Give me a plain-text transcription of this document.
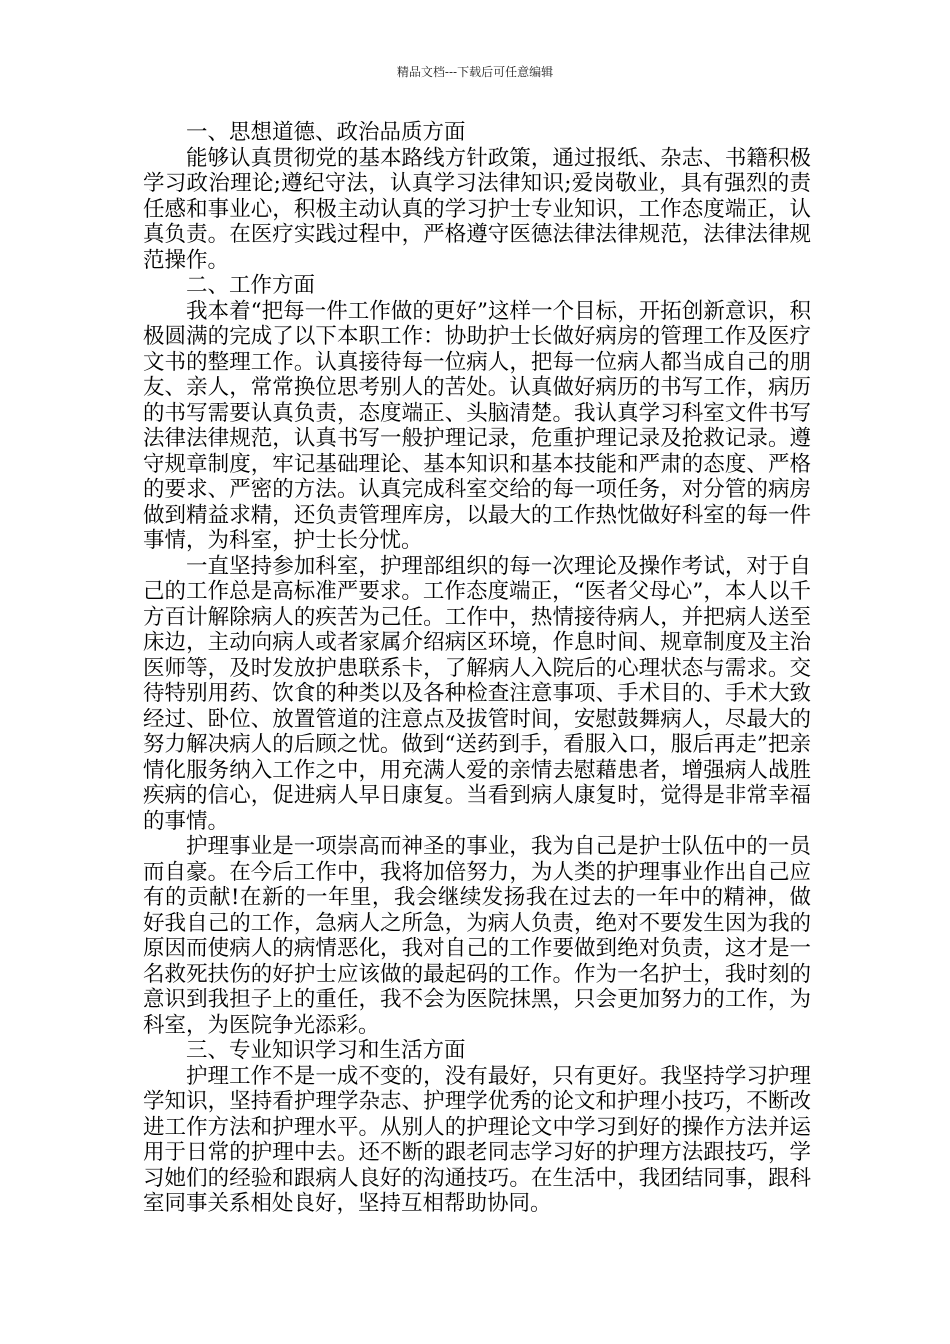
精品文档---下载后可任意编辑

一、思想道德、政治品质方面

能够认真贯彻党的基本路线方针政策，通过报纸、杂志、书籍积极学习政治理论;遵纪守法，认真学习法律知识;爱岗敬业，具有强烈的责任感和事业心，积极主动认真的学习护士专业知识，工作态度端正，认真负责。在医疗实践过程中，严格遵守医德法律法律规范，法律法律规范操作。

二、工作方面

我本着“把每一件工作做的更好”这样一个目标，开拓创新意识，积极圆满的完成了以下本职工作：协助护士长做好病房的管理工作及医疗文书的整理工作。认真接待每一位病人，把每一位病人都当成自己的朋友、亲人，常常换位思考别人的苦处。认真做好病历的书写工作，病历的书写需要认真负责，态度端正、头脑清楚。我认真学习科室文件书写法律法律规范，认真书写一般护理记录，危重护理记录及抢救记录。遵守规章制度，牢记基础理论、基本知识和基本技能和严肃的态度、严格的要求、严密的方法。认真完成科室交给的每一项任务，对分管的病房做到精益求精，还负责管理库房，以最大的工作热忱做好科室的每一件事情，为科室，护士长分忧。

一直坚持参加科室，护理部组织的每一次理论及操作考试，对于自己的工作总是高标准严要求。工作态度端正，“医者父母心”，本人以千方百计解除病人的疾苦为己任。工作中，热情接待病人，并把病人送至床边，主动向病人或者家属介绍病区环境，作息时间、规章制度及主治医师等，及时发放护患联系卡，了解病人入院后的心理状态与需求。交待特别用药、饮食的种类以及各种检查注意事项、手术目的、手术大致经过、卧位、放置管道的注意点及拔管时间，安慰鼓舞病人，尽最大的努力解决病人的后顾之忧。做到“送药到手，看服入口，服后再走”把亲情化服务纳入工作之中，用充满人爱的亲情去慰藉患者，增强病人战胜疾病的信心，促进病人早日康复。当看到病人康复时，觉得是非常幸福的事情。

护理事业是一项崇高而神圣的事业，我为自己是护士队伍中的一员而自豪。在今后工作中，我将加倍努力，为人类的护理事业作出自己应有的贡献!在新的一年里，我会继续发扬我在过去的一年中的精神，做好我自己的工作，急病人之所急，为病人负责，绝对不要发生因为我的原因而使病人的病情恶化，我对自己的工作要做到绝对负责，这才是一名救死扶伤的好护士应该做的最起码的工作。作为一名护士，我时刻的意识到我担子上的重任，我不会为医院抹黑，只会更加努力的工作，为科室，为医院争光添彩。

三、专业知识学习和生活方面

护理工作不是一成不变的，没有最好，只有更好。我坚持学习护理学知识，坚持看护理学杂志、护理学优秀的论文和护理小技巧，不断改进工作方法和护理水平。从别人的护理论文中学习到好的操作方法并运用于日常的护理中去。还不断的跟老同志学习好的护理方法跟技巧，学习她们的经验和跟病人良好的沟通技巧。在生活中，我团结同事，跟科室同事关系相处良好，坚持互相帮助协同。
